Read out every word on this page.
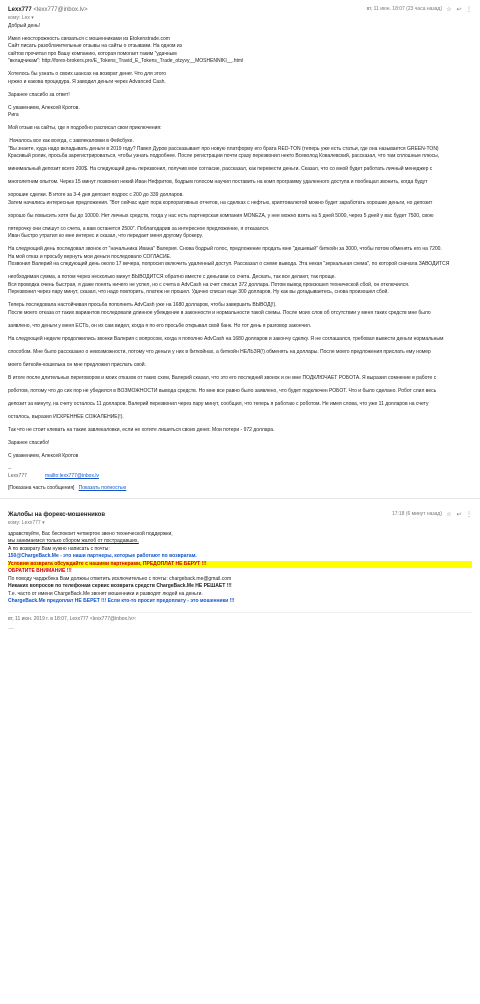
Lexx777 <lexx777@inbox.lv>
кому: Lex ▾
вт, 11 июн. 18:07 (23 часа назад) ☆ ↩ ⋮

Добрый день!

Имел неосторожность связаться с мошенниками из Etokenstrade.com
Сайт писать разоблачительные отзывы на сайты о отзывами. На одном из
сайтов прочитал про Вашу компанию, которая помогает таким "удачным
"вкладчикам": http://forex-brokers.pro/E_Tokens_Travid_E_Tokens_Trade_otzyvy__MOSHENNIKI__.html

Хотелось бы узнать о своих шансах на возврат денег. Что для этого
нужно и какова процедура. Я заводил деньги через Advanced Cash.

Заранее спасибо за ответ!

С уважением, Алексей Кротов.
Рига

Мой отзыв на сайты, где я подробно расписал свои приключения:

Началось все как всегда, с завлекаловки в Фейсбуке.
"Вы знаете, куда надо вкладывать деньги в 2019 году? Павел Дуров рассказывает про новую платформу его брата RED-TON (теперь уже есть статьи, где она называется GREEN-TON)
Красивый ролик, просьба зарегистрироваться, чтобы узнать подробнее. После регистрации почти сразу перезвонил некто Всеволод Ковалевский, рассказал, что там сплошные плюсы,

минимальный депозит всего 200$. На следующий день перезвонил, получив мое согласие, рассказал, как перевести деньги. Сказал, что со мной будет работать личный менеджер с

многолетним опытом. Через 15 минут позвонил некий Иван Нефритов, бодрым голосом научил поставить на комп программу удаленного доступа и пообещал звонить, когда будут

хорошие сделки. В итоге за 3-4 дня депозит подрос с 200 до 339 долларов.
Затем начались интересные предложения. "Вот сейчас идет пора корпоративных отчетов, на сделках с нефтью, криптовалютой можно будет заработать хорошие деньги, но депозит

хорошо бы повысить хотя бы до 10000. Нет личных средств, тогда у нас есть партнерская компания MONEZA, у нее можно взять на 5 дней 5000, через 5 дней у вас будет 7500, свою

пятерочку они спишут со счета, а вам останется 2500". Поблагодарив за интересное предложение, я отказался.
Иван быстро утратил ко мне интерес и сказал, что передает меня другому брокеру.

На следующий день последовал звонок от "начальника Ивана" Валерия. Снова бодрый голос, предложение продать мне "дешевый" биткойн за 3000, чтобы потом обменять его на 7200.
На мой отказ и просьбу вернуть мои деньги последовало СОГЛАСИЕ.
Позвонил Валерий на следующий день около 17 вечера, попросил включить удаленный доступ. Рассказал о схеме вывода. Эта некая "зеркальная схема", по которой сначала ЗАВОДИТСЯ

необходимая сумма, а потом через несколько минут ВЫВОДИТСЯ обратно вместе с деньгами со счета. Дескать, так все делают, так проще.
Вся проводка очень быстрая, я даже понять ничего не успел, но с счета в AdvCash на счет списал 372 доллара. Потом вывод произошел технической сбой, он отключился.
Перезвонил через пару минут, сказал, что надо повторить, платеж не прошел. Удачно списал еще 300 долларов. Ну как вы догадываетесь, снова произошел сбой.

Теперь последовала настойчивая просьба пополнить AdvCash уже на 1680 долларов, чтобы завершить ВЫВОД(!).
После моего отказа от таких вариантов последовали длинное убеждение в законности и нормальности такой схемы. После моих слов об отсутствии у меня таких средств мне было

заявлено, что деньги у меня ЕСТЬ, он их сам видел, когда я по его просьбе открывал свой банк. Но тот день я разговор закончил.

На следующей неделе продолжились звонки Валерия с вопросом, когда я пополню AdvCash на 1680 долларов и закончу сделку. Я не соглашался, требовал вывести деньги нормальным

способом. Мне было рассказано о невозможности, потому что деньги у них в биткойнах, а биткойн НЕЛЬЗЯ(!) обменять на доллары. После моего предложения прислать ему номер

моего биткойн-кошелька он мне предложил прислать свой.

В итоге после длительных переговоров и моих отказов от таких схем, Валерий сказал, что это его последний звонок и он мне ПОДКЛЮЧАЕТ РОБОТА. Я выразил сомнение в работе с

роботом, потому что до сих пор не убедился в ВОЗМОЖНОСТИ вывода средств. Но мне все равно было заявлено, что будет подключен РОБОТ. Что и было сделано. Робот слил весь

депозит за минуту, на счету осталось 11 долларов. Валерий перезвонил через пару минут, сообщил, что теперь я работаю с роботом. Не имея слова, что уже 11 долларов на счету

осталось, выразил ИСКРЕННЕЕ СОЖАЛЕНИЕ(!).

Так что не стоит клевать на такие завлекаловки, если не хотите лишиться своих денег. Мои потери - 972 доллара.

Заранее спасибо!

С уважением, Алексей Кротов

--
Lexx777	mailto:lexx777@inbox.lv
[Показана часть сообщения] Показать полностью
Жалобы на форекс-мошенников
кому: Lexx777 ▾
17:18 (6 минут назад) ☆ ↩ ⋮
здравствуйте, Вас беспокоит четвертое звено технической поддержки,
мы занимаемся только сбором жалоб от пострадавших.
А по возврату Вам нужно написать с почты:
150@ChargeBack.Me - это наши партнеры, которые работают по возвратам.
Условия возврата обсуждайте с нашими партнерами, ПРЕДОПЛАТ НЕ БЕРУТ !!!
ОБРАТИТЕ ВНИМАНИЕ !!!
По поводу чарджбека Вам должны ответить исключительно с почты: chargeback.me@gmail.com
Никаких вопросов по телефонам сервис возврата средств ChargeBack.Me НЕ РЕШАЕТ !!!
Т.е. часто от имени ChargeBack.Me звонят мошенники и разводят людей на деньги.
ChargeBack.Me предоплат НЕ БЕРЕТ !!! Если кто-то просит предоплату - это мошенники !!!
вт, 11 июн. 2019 г. в 18:07, Lexx777 <lexx777@inbox.lv>:
…
